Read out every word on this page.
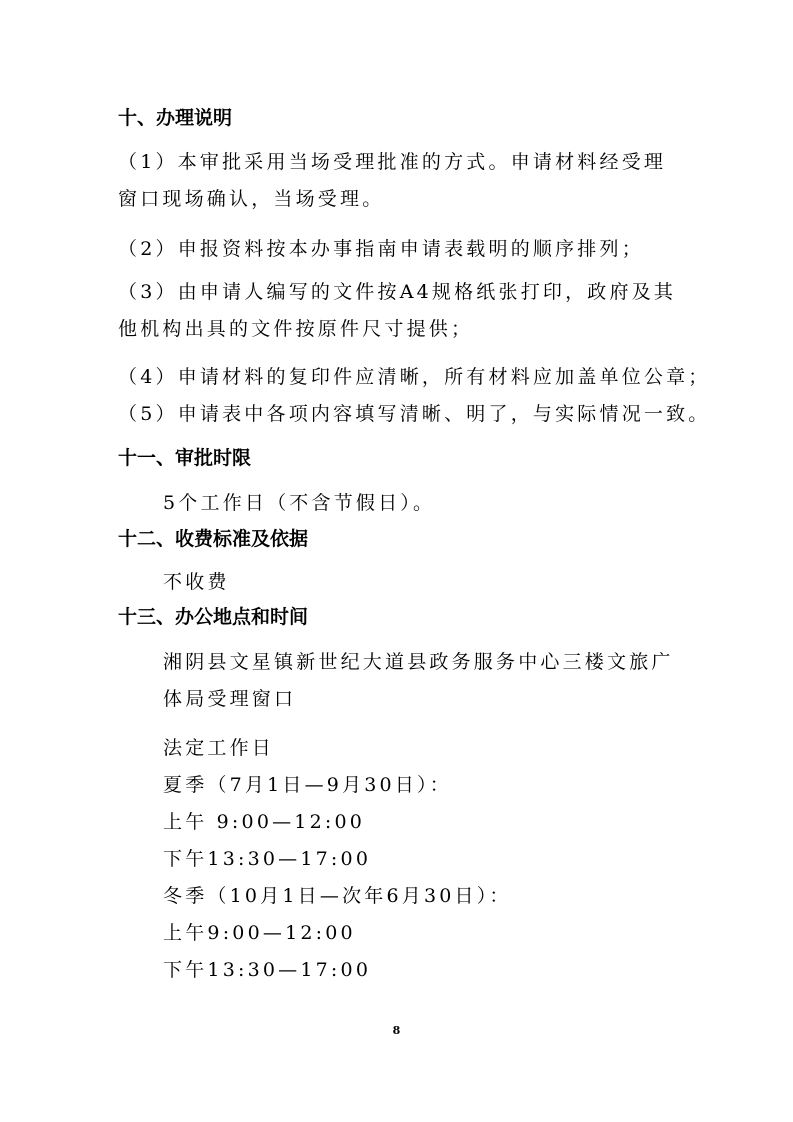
十、办理说明
（1）本审批采用当场受理批准的方式。申请材料经受理窗口现场确认，当场受理。
（2）申报资料按本办事指南申请表载明的顺序排列；
（3）由申请人编写的文件按A4规格纸张打印，政府及其他机构出具的文件按原件尺寸提供；
（4）申请材料的复印件应清晰，所有材料应加盖单位公章；
（5）申请表中各项内容填写清晰、明了，与实际情况一致。
十一、审批时限
5个工作日（不含节假日）。
十二、收费标准及依据
不收费
十三、办公地点和时间
湘阴县文星镇新世纪大道县政务服务中心三楼文旅广体局受理窗口
法定工作日
夏季（7月1日—9月30日）：
上午 9:00—12:00
下午13:30—17:00
冬季（10月1日—次年6月30日）：
上午9:00—12:00
下午13:30—17:00
8
